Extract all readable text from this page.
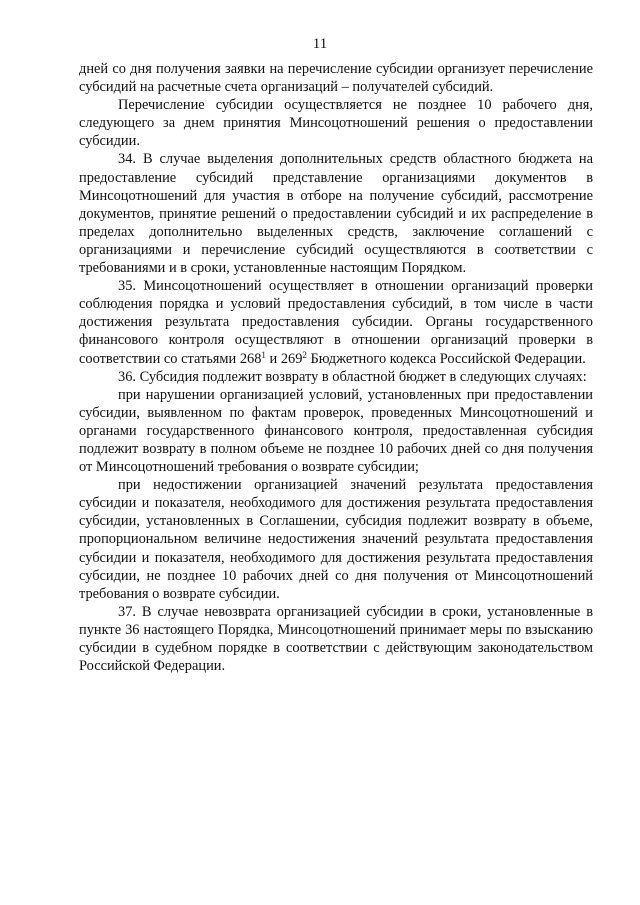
11

дней со дня получения заявки на перечисление субсидии организует перечисление субсидий на расчетные счета организаций – получателей субсидий.

Перечисление субсидии осуществляется не позднее 10 рабочего дня, следующего за днем принятия Минсоцотношений решения о предоставлении субсидии.

34. В случае выделения дополнительных средств областного бюджета на предоставление субсидий представление организациями документов в Минсоцотношений для участия в отборе на получение субсидий, рассмотрение документов, принятие решений о предоставлении субсидий и их распределение в пределах дополнительно выделенных средств, заключение соглашений с организациями и перечисление субсидий осуществляются в соответствии с требованиями и в сроки, установленные настоящим Порядком.

35. Минсоцотношений осуществляет в отношении организаций проверки соблюдения порядка и условий предоставления субсидий, в том числе в части достижения результата предоставления субсидии. Органы государственного финансового контроля осуществляют в отношении организаций проверки в соответствии со статьями $268^1$ и $269^2$ Бюджетного кодекса Российской Федерации.

36. Субсидия подлежит возврату в областной бюджет в следующих случаях:

при нарушении организацией условий, установленных при предоставлении субсидии, выявленном по фактам проверок, проведенных Минсоцотношений и органами государственного финансового контроля, предоставленная субсидия подлежит возврату в полном объеме не позднее 10 рабочих дней со дня получения от Минсоцотношений требования о возврате субсидии;

при недостижении организацией значений результата предоставления субсидии и показателя, необходимого для достижения результата предоставления субсидии, установленных в Соглашении, субсидия подлежит возврату в объеме, пропорциональном величине недостижения значений результата предоставления субсидии и показателя, необходимого для достижения результата предоставления субсидии, не позднее 10 рабочих дней со дня получения от Минсоцотношений требования о возврате субсидии.

37. В случае невозврата организацией субсидии в сроки, установленные в пункте 36 настоящего Порядка, Минсоцотношений принимает меры по взысканию субсидии в судебном порядке в соответствии с действующим законодательством Российской Федерации.
